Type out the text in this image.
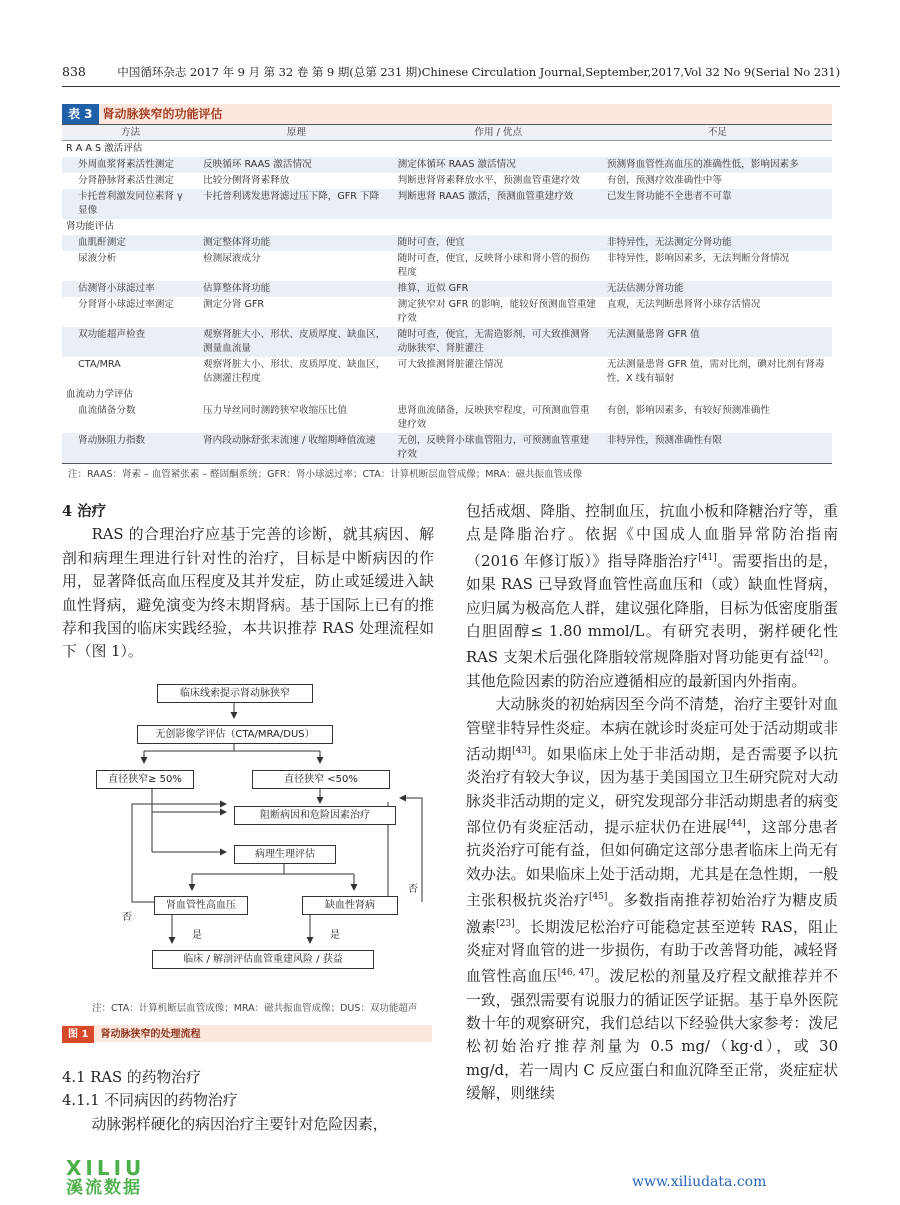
838	中国循环杂志 2017 年 9 月 第 32 卷 第 9 期(总第 231 期)Chinese Circulation Journal,September,2017,Vol 32 No 9(Serial No 231)
表 3 肾动脉狭窄的功能评估
方法	原理	作用 / 优点	不足
R A A S 激活评估			
外周血浆肾素活性测定	反映循环 RAAS 激活情况	测定体循环 RAAS 激活情况	预测肾血管性高血压的准确性低，影响因素多
分肾静脉肾素活性测定	比较分侧肾肾素释放	判断患肾肾素释放水平，预测血管重建疗效	有创，预测疗效准确性中等
卡托普利激发同位素肾 γ 显像	卡托普利诱发患肾滤过压下降，GFR 下降	判断患肾 RAAS 激活，预测血管重建疗效	已发生肾功能不全患者不可靠
肾功能评估			
血肌酐测定	测定整体肾功能	随时可查，便宜	非特异性，无法测定分肾功能
尿液分析	检测尿液成分	随时可查，便宜，反映肾小球和肾小管的损伤程度	非特异性，影响因素多，无法判断分肾情况
估测肾小球滤过率	估算整体肾功能	推算，近似 GFR	无法估测分肾功能
分肾肾小球滤过率测定	测定分肾 GFR	测定狭窄对 GFR 的影响，能较好预测血管重建疗效	直观，无法判断患肾肾小球存活情况
双功能超声检查	观察肾脏大小、形状、皮质厚度、缺血区，测量血流量	随时可查，便宜，无需造影剂，可大致推测肾动脉狭窄、肾脏灌注	无法测量患肾 GFR 值
CTA/MRA	观察肾脏大小、形状、皮质厚度、缺血区，估测灌注程度	可大致推测肾脏灌注情况	无法测量患肾 GFR 值，需对比剂，碘对比剂有肾毒性，X 线有辐射
血流动力学评估			
血流储备分数	压力导丝同时测跨狭窄收缩压比值	患肾血流储备，反映狭窄程度，可预测血管重建疗效	有创，影响因素多，有较好预测准确性
肾动脉阻力指数	肾内段动脉舒张末流速 / 收缩期峰值流速	无创，反映肾小球血管阻力，可预测血管重建疗效	非特异性，预测准确性有限
注：RAAS：肾素 – 血管紧张素 – 醛固酮系统；GFR：肾小球滤过率；CTA：计算机断层血管成像；MRA：磁共振血管成像

4 治疗

RAS 的合理治疗应基于完善的诊断，就其病因、解剖和病理生理进行针对性的治疗，目标是中断病因的作用，显著降低高血压程度及其并发症，防止或延缓进入缺血性肾病，避免演变为终末期肾病。基于国际上已有的推荐和我国的临床实践经验，本共识推荐 RAS 处理流程如下（图 1）。

临床线索提示肾动脉狭窄
无创影像学评估（CTA/MRA/DUS）
直径狭窄≥ 50%	直径狭窄 <50%
阻断病因和危险因素治疗
病理生理评估
肾血管性高血压	缺血性肾病
临床 / 解剖评估血管重建风险 / 获益
否
否
是	是
注：CTA：计算机断层血管成像；MRA：磁共振血管成像；DUS：双功能超声
图 1 肾动脉狭窄的处理流程

4.1 RAS 的药物治疗

4.1.1 不同病因的药物治疗

动脉粥样硬化的病因治疗主要针对危险因素，

包括戒烟、降脂、控制血压，抗血小板和降糖治疗等，重点是降脂治疗。依据《中国成人血脂异常防治指南（2016 年修订版）》指导降脂治疗[41]。需要指出的是，如果 RAS 已导致肾血管性高血压和（或）缺血性肾病，应归属为极高危人群，建议强化降脂，目标为低密度脂蛋白胆固醇≤ 1.80 mmol/L。有研究表明，粥样硬化性 RAS 支架术后强化降脂较常规降脂对肾功能更有益[42]。其他危险因素的防治应遵循相应的最新国内外指南。

大动脉炎的初始病因至今尚不清楚，治疗主要针对血管壁非特异性炎症。本病在就诊时炎症可处于活动期或非活动期[43]。如果临床上处于非活动期，是否需要予以抗炎治疗有较大争议，因为基于美国国立卫生研究院对大动脉炎非活动期的定义，研究发现部分非活动期患者的病变部位仍有炎症活动，提示症状仍在进展[44]，这部分患者抗炎治疗可能有益，但如何确定这部分患者临床上尚无有效办法。如果临床上处于活动期，尤其是在急性期，一般主张积极抗炎治疗[45]。多数指南推荐初始治疗为糖皮质激素[23]。长期泼尼松治疗可能稳定甚至逆转 RAS，阻止炎症对肾血管的进一步损伤，有助于改善肾功能，减轻肾血管性高血压[46, 47]。泼尼松的剂量及疗程文献推荐并不一致，强烈需要有说服力的循证医学证据。基于阜外医院数十年的观察研究，我们总结以下经验供大家参考：泼尼松初始治疗推荐剂量为 0.5 mg/（kg·d），或 30 mg/d，若一周内 C 反应蛋白和血沉降至正常，炎症症状缓解，则继续

XILIU
溪流数据	www.xiliudata.com
